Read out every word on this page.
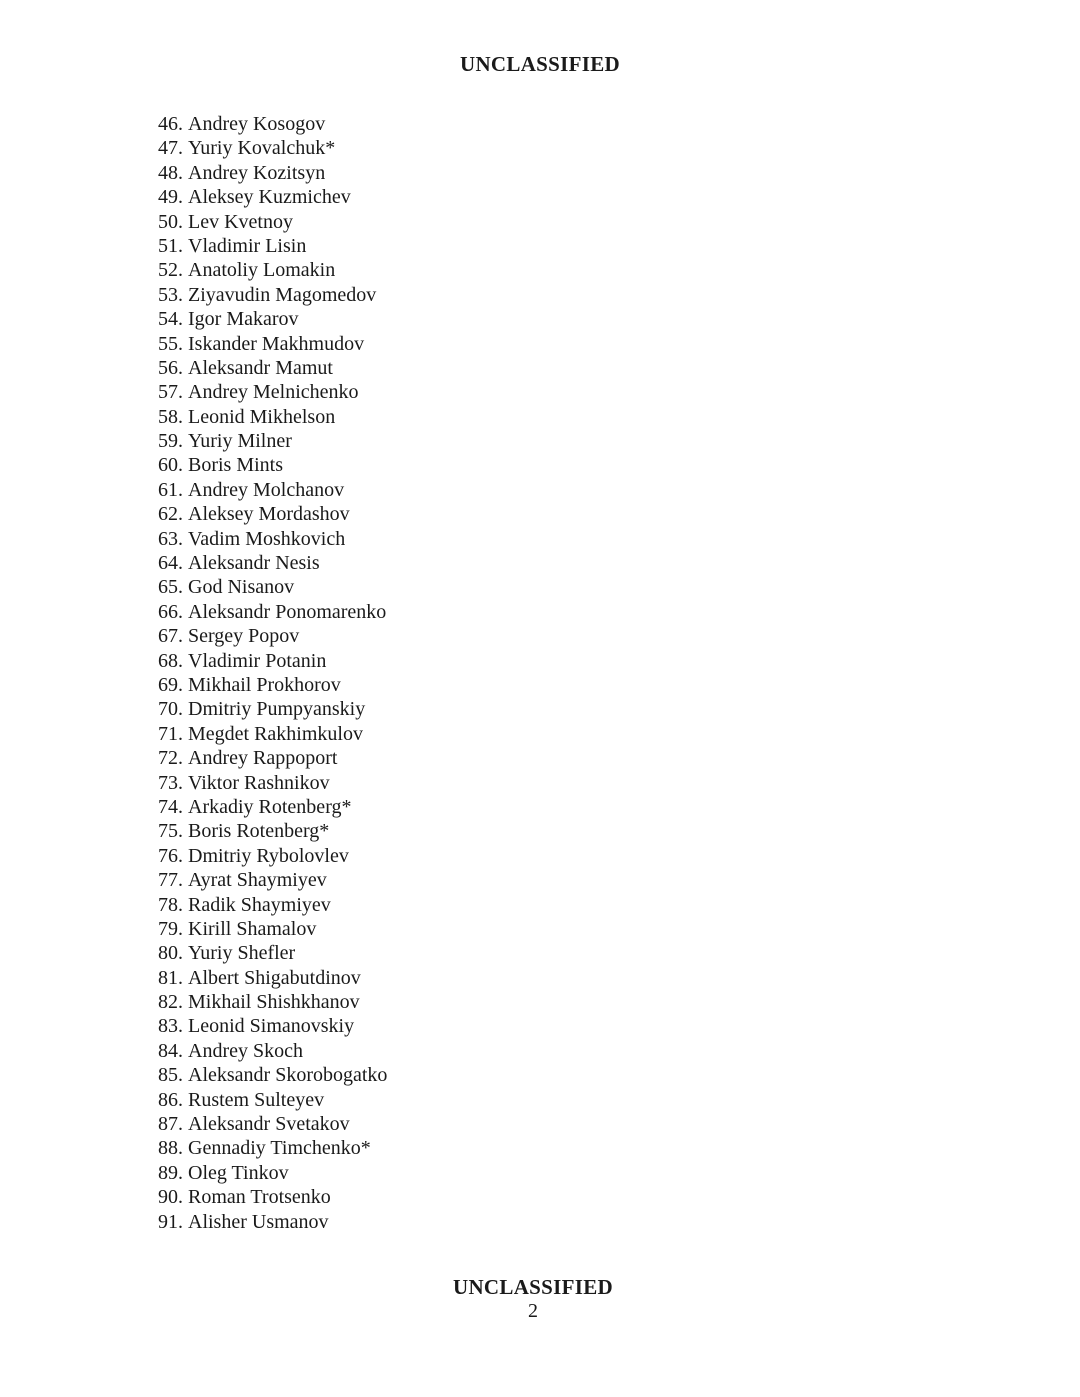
UNCLASSIFIED
46. Andrey Kosogov
47. Yuriy Kovalchuk*
48. Andrey Kozitsyn
49. Aleksey Kuzmichev
50. Lev Kvetnoy
51. Vladimir Lisin
52. Anatoliy Lomakin
53. Ziyavudin Magomedov
54. Igor Makarov
55. Iskander Makhmudov
56. Aleksandr Mamut
57. Andrey Melnichenko
58. Leonid Mikhelson
59. Yuriy Milner
60. Boris Mints
61. Andrey Molchanov
62. Aleksey Mordashov
63. Vadim Moshkovich
64. Aleksandr Nesis
65. God Nisanov
66. Aleksandr Ponomarenko
67. Sergey Popov
68. Vladimir Potanin
69. Mikhail Prokhorov
70. Dmitriy Pumpyanskiy
71. Megdet Rakhimkulov
72. Andrey Rappoport
73. Viktor Rashnikov
74. Arkadiy Rotenberg*
75. Boris Rotenberg*
76. Dmitriy Rybolovlev
77. Ayrat Shaymiyev
78. Radik Shaymiyev
79. Kirill Shamalov
80. Yuriy Shefler
81. Albert Shigabutdinov
82. Mikhail Shishkhanov
83. Leonid Simanovskiy
84. Andrey Skoch
85. Aleksandr Skorobogatko
86. Rustem Sulteyev
87. Aleksandr Svetakov
88. Gennadiy Timchenko*
89. Oleg Tinkov
90. Roman Trotsenko
91. Alisher Usmanov
UNCLASSIFIED
2
